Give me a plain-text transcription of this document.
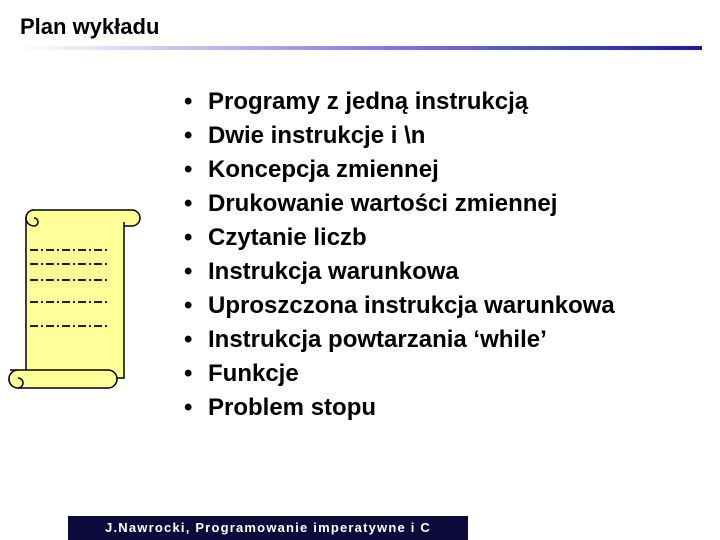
Plan wykładu
• Programy z jedną instrukcją
• Dwie instrukcje i \n
• Koncepcja zmiennej
• Drukowanie wartości zmiennej
• Czytanie liczb
• Instrukcja warunkowa
• Uproszczona instrukcja warunkowa
• Instrukcja powtarzania ‘while’
• Funkcje
• Problem stopu
J.Nawrocki, Programowanie imperatywne i C
